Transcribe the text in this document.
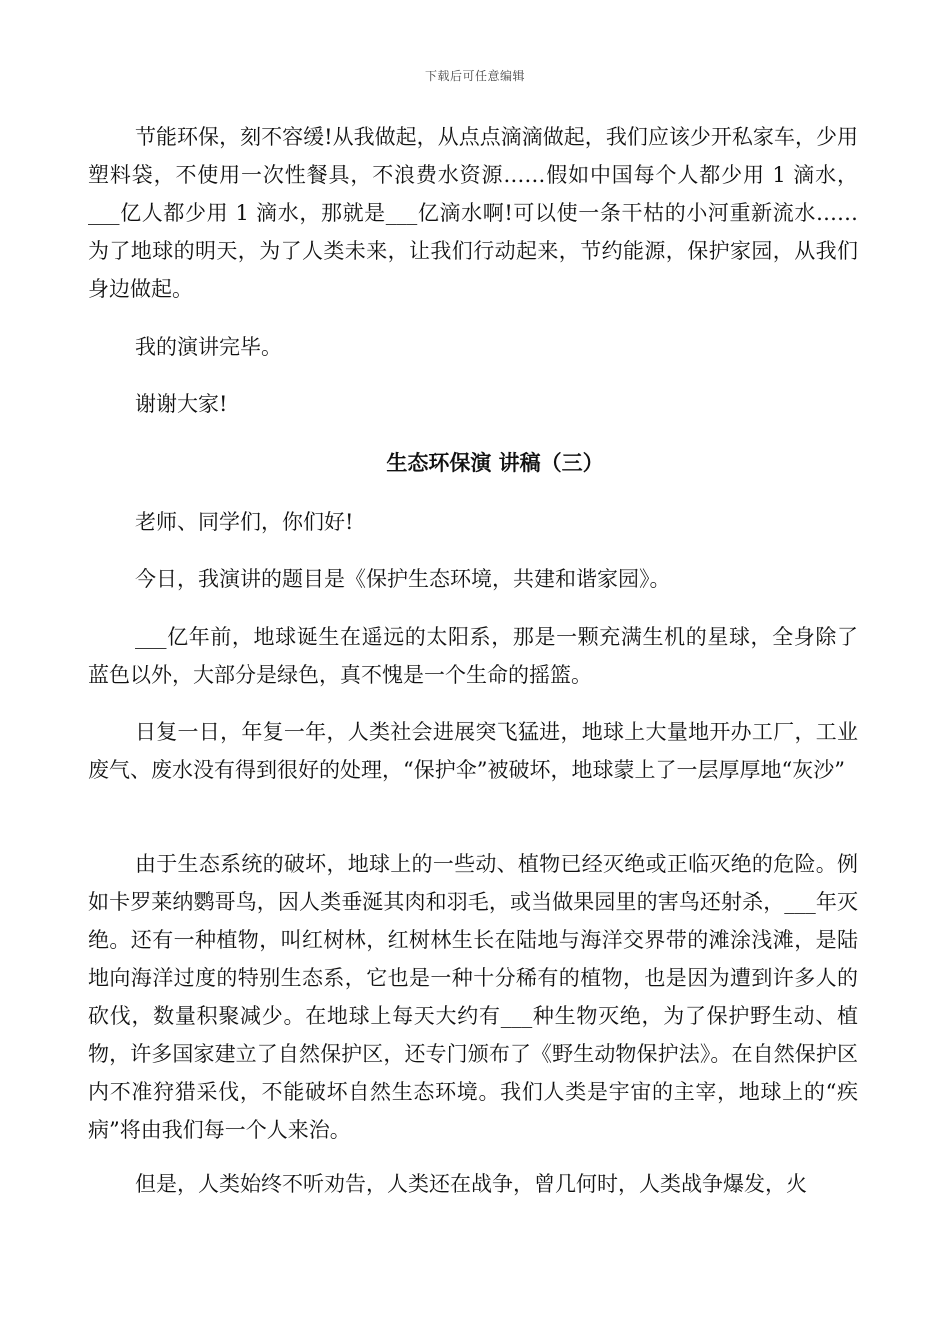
下载后可任意编辑

节能环保，刻不容缓!从我做起，从点点滴滴做起，我们应该少开私家车，少用塑料袋，不使用一次性餐具，不浪费水资源……假如中国每个人都少用 1 滴水，___亿人都少用 1 滴水，那就是___亿滴水啊!可以使一条干枯的小河重新流水……为了地球的明天，为了人类未来，让我们行动起来，节约能源，保护家园，从我们身边做起。

我的演讲完毕。

谢谢大家!

生态环保演 讲稿（三）

老师、同学们，你们好!

今日，我演讲的题目是《保护生态环境，共建和谐家园》。

___亿年前，地球诞生在遥远的太阳系，那是一颗充满生机的星球，全身除了蓝色以外，大部分是绿色，真不愧是一个生命的摇篮。

日复一日，年复一年，人类社会进展突飞猛进，地球上大量地开办工厂，工业废气、废水没有得到很好的处理，“保护伞”被破坏，地球蒙上了一层厚厚地“灰沙”

由于生态系统的破坏，地球上的一些动、植物已经灭绝或正临灭绝的危险。例如卡罗莱纳鹦哥鸟，因人类垂涎其肉和羽毛，或当做果园里的害鸟还射杀，___年灭绝。还有一种植物，叫红树林，红树林生长在陆地与海洋交界带的滩涂浅滩，是陆地向海洋过度的特别生态系，它也是一种十分稀有的植物，也是因为遭到许多人的砍伐，数量积聚减少。在地球上每天大约有___种生物灭绝，为了保护野生动、植物，许多国家建立了自然保护区，还专门颁布了《野生动物保护法》。在自然保护区内不准狩猎采伐，不能破坏自然生态环境。我们人类是宇宙的主宰，地球上的“疾病”将由我们每一个人来治。

但是，人类始终不听劝告，人类还在战争，曾几何时，人类战争爆发，火
